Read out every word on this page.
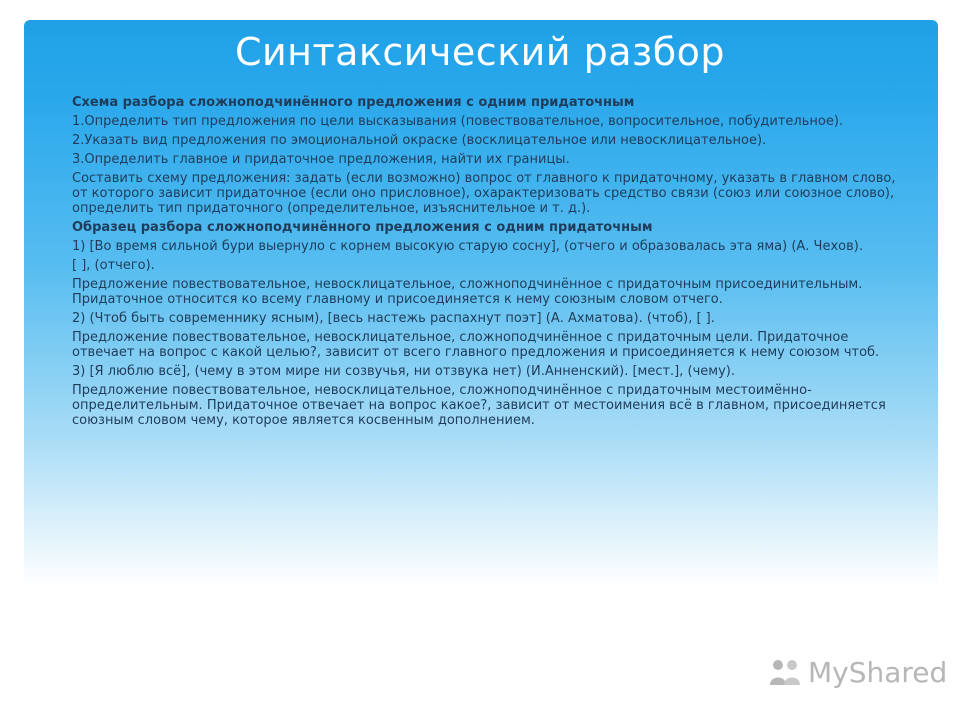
Синтаксический разбор
Схема разбора сложноподчинённого предложения с одним придаточным
1.Определить тип предложения по цели высказывания (повествовательное, вопросительное, побудительное).
2.Указать вид предложения по эмоциональной окраске (восклицательное или невосклицательное).
3.Определить главное и придаточное предложения, найти их границы.
Составить схему предложения: задать (если возможно) вопрос от главного к придаточному, указать в главном слово, от которого зависит придаточное (если оно присловное), охарактеризовать средство связи (союз или союзное слово), определить тип придаточного (определительное, изъяснительное и т. д.).
Образец разбора сложноподчинённого предложения с одним придаточным
1) [Во время сильной бури выернуло с корнем высокую старую сосну], (отчего и образовалась эта яма) (А. Чехов).
[ ], (отчего).
Предложение повествовательное, невосклицательное, сложноподчинённое с придаточным присоединительным. Придаточное относится ко всему главному и присоединяется к нему союзным словом отчего.
2) (Чтоб быть современнику ясным), [весь настежь распахнут поэт] (А. Ахматова). (чтоб), [ ].
Предложение повествовательное, невосклицательное, сложноподчинённое с придаточным цели. Придаточное отвечает на вопрос с какой целью?, зависит от всего главного предложения и присоединяется к нему союзом чтоб.
3) [Я люблю всё], (чему в этом мире ни созвучья, ни отзвука нет) (И.Анненский). [мест.], (чему).
Предложение повествовательное, невосклицательное, сложноподчинённое с придаточным местоимённо-определительным. Придаточное отвечает на вопрос какое?, зависит от местоимения всё в главном, присоединяется союзным словом чему, которое является косвенным дополнением.
MyShared
